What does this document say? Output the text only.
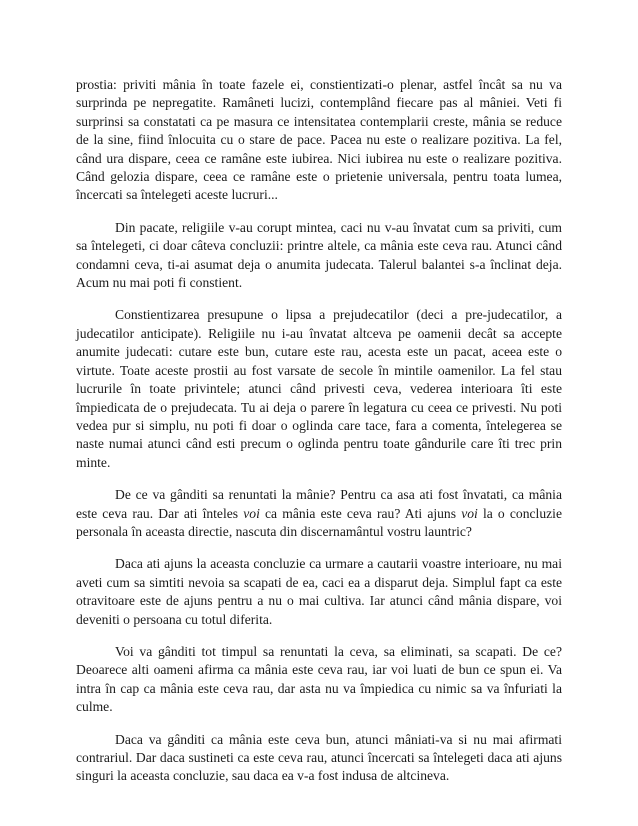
prostia: priviti mânia în toate fazele ei, constientizati-o plenar, astfel încât sa nu va surprinda pe nepregatite. Ramâneti lucizi, contemplând fiecare pas al mâniei. Veti fi surprinsi sa constatati ca pe masura ce intensitatea contemplarii creste, mânia se reduce de la sine, fiind înlocuita cu o stare de pace. Pacea nu este o realizare pozitiva. La fel, când ura dispare, ceea ce ramâne este iubirea. Nici iubirea nu este o realizare pozitiva. Când gelozia dispare, ceea ce ramâne este o prietenie universala, pentru toata lumea, încercati sa întelegeti aceste lucruri...

Din pacate, religiile v-au corupt mintea, caci nu v-au învatat cum sa priviti, cum sa întelegeti, ci doar câteva concluzii: printre altele, ca mânia este ceva rau. Atunci când condamni ceva, ti-ai asumat deja o anumita judecata. Talerul balantei s-a înclinat deja. Acum nu mai poti fi constient.

Constientizarea presupune o lipsa a prejudecatilor (deci a pre-judecatilor, a judecatilor anticipate). Religiile nu i-au învatat altceva pe oamenii decât sa accepte anumite judecati: cutare este bun, cutare este rau, acesta este un pacat, aceea este o virtute. Toate aceste prostii au fost varsate de secole în mintile oamenilor. La fel stau lucrurile în toate privintele; atunci când privesti ceva, vederea interioara îti este împiedicata de o prejudecata. Tu ai deja o parere în legatura cu ceea ce privesti. Nu poti vedea pur si simplu, nu poti fi doar o oglinda care tace, fara a comenta, întelegerea se naste numai atunci când esti precum o oglinda pentru toate gândurile care îti trec prin minte.

De ce va gânditi sa renuntati la mânie? Pentru ca asa ati fost învatati, ca mânia este ceva rau. Dar ati înteles voi ca mânia este ceva rau? Ati ajuns voi la o concluzie personala în aceasta directie, nascuta din discernamântul vostru launtric?

Daca ati ajuns la aceasta concluzie ca urmare a cautarii voastre interioare, nu mai aveti cum sa simtiti nevoia sa scapati de ea, caci ea a disparut deja. Simplul fapt ca este otravitoare este de ajuns pentru a nu o mai cultiva. Iar atunci când mânia dispare, voi deveniti o persoana cu totul diferita.

Voi va gânditi tot timpul sa renuntati la ceva, sa eliminati, sa scapati. De ce? Deoarece alti oameni afirma ca mânia este ceva rau, iar voi luati de bun ce spun ei. Va intra în cap ca mânia este ceva rau, dar asta nu va împiedica cu nimic sa va înfuriati la culme.

Daca va gânditi ca mânia este ceva bun, atunci mâniati-va si nu mai afirmati contrariul. Dar daca sustineti ca este ceva rau, atunci încercati sa întelegeti daca ati ajuns singuri la aceasta concluzie, sau daca ea v-a fost indusa de altcineva.
